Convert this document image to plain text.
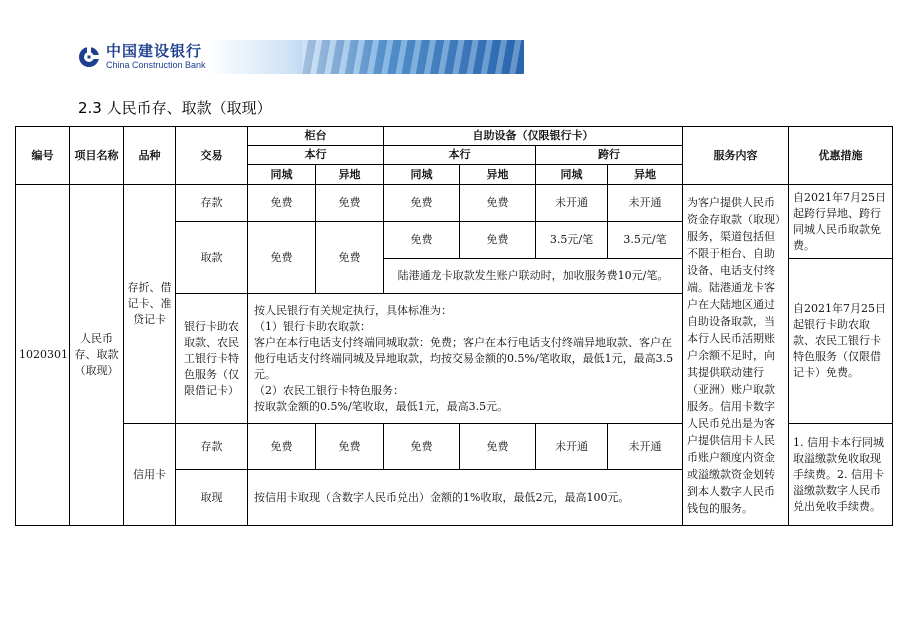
中国建设银行
China Construction Bank
2.3 人民币存、取款（取现）
编号	项目名称	品种	交易	柜台		自助设备（仅限银行卡）				服务内容	优惠措施
				本行		本行		跨行			
				同城	异地	同城	异地	同城	异地		
1020301	人民币存、取款（取现）	存折、借记卡、准贷记卡	存款	免费	免费	免费	免费	未开通	未开通	为客户提供人民币资金存取款（取现）服务，渠道包括但不限于柜台、自助设备、电话支付终端。陆港通龙卡客户在大陆地区通过自助设备取款，当本行人民币活期账户余额不足时，向其提供联动建行（亚洲）账户取款服务。信用卡数字人民币兑出是为客户提供信用卡人民币账户额度内资金或溢缴款资金划转到本人数字人民币钱包的服务。	自2021年7月25日起跨行异地、跨行同城人民币取款免费。
			取款	免费	免费	免费	免费	3.5元/笔	3.5元/笔		
						陆港通龙卡取款发生账户联动时，加收服务费10元/笔。					自2021年7月25日起银行卡助农取款、农民工银行卡特色服务（仅限借记卡）免费。
			银行卡助农取款、农民工银行卡特色服务（仅限借记卡）	按人民银行有关规定执行，具体标准为：
（1）银行卡助农取款：
客户在本行电话支付终端同城取款：免费；客户在本行电话支付终端异地取款、客户在他行电话支付终端同城及异地取款，均按交易金额的0.5%/笔收取，最低1元，最高3.5元。
（2）农民工银行卡特色服务：
按取款金额的0.5%/笔收取，最低1元，最高3.5元。							

		信用卡	存款	免费	免费	免费	免费	未开通	未开通		1. 信用卡本行同城取溢缴款免收取现手续费。2. 信用卡溢缴款数字人民币兑出免收手续费。
			取现	按信用卡取现（含数字人民币兑出）金额的1%收取，最低2元，最高100元。							
